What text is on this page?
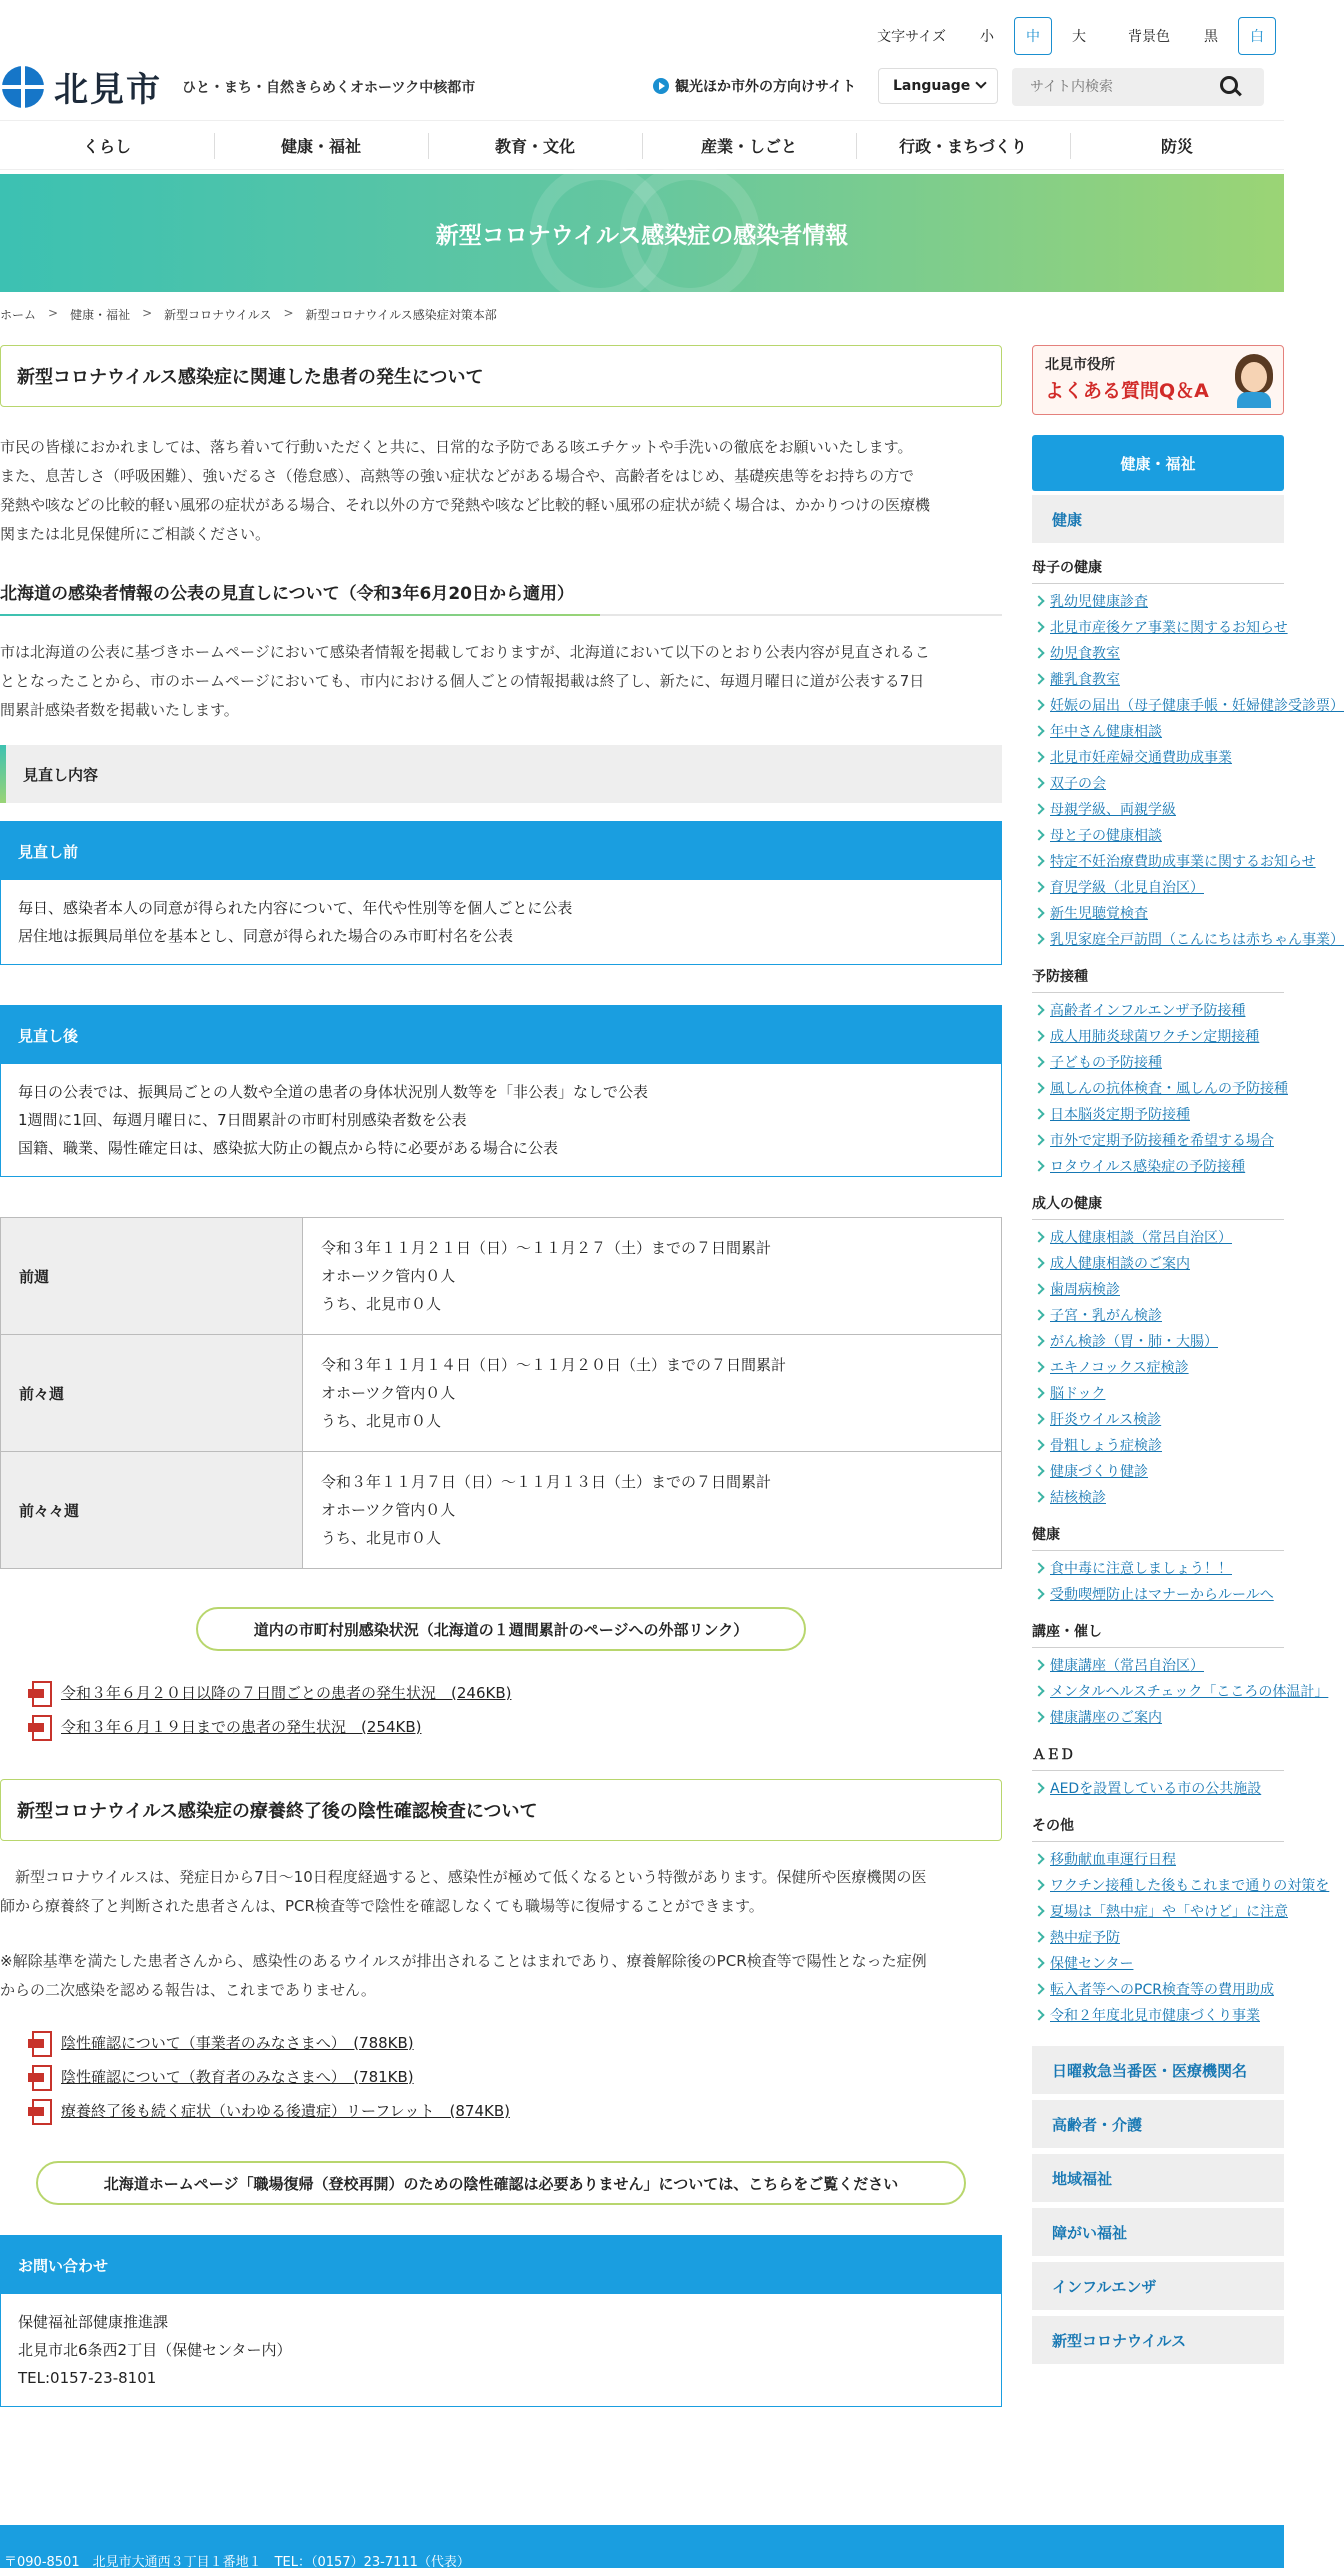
文字サイズ	小	中	大	背景色	黒	白
北見市 ひと・まち・自然きらめくオホーツク中核都市	観光ほか市外の方向けサイト	Language
サイト内検索
くらし	健康・福祉	教育・文化	産業・しごと	行政・まちづくり	防災
新型コロナウイルス感染症の感染者情報
ホーム > 健康・福祉 > 新型コロナウイルス > 新型コロナウイルス感染症対策本部
新型コロナウイルス感染症に関連した患者の発生について

市民の皆様におかれましては、落ち着いて行動いただくと共に、日常的な予防である咳エチケットや手洗いの徹底をお願いいたします。
また、息苦しさ（呼吸困難）、強いだるさ（倦怠感）、高熱等の強い症状などがある場合や、高齢者をはじめ、基礎疾患等をお持ちの方で
発熱や咳などの比較的軽い風邪の症状がある場合、それ以外の方で発熱や咳など比較的軽い風邪の症状が続く場合は、かかりつけの医療機
関または北見保健所にご相談ください。

北海道の感染者情報の公表の見直しについて（令和3年6月20日から適用）

市は北海道の公表に基づきホームページにおいて感染者情報を掲載しておりますが、北海道において以下のとおり公表内容が見直されるこ
ととなったことから、市のホームページにおいても、市内における個人ごとの情報掲載は終了し、新たに、毎週月曜日に道が公表する7日
間累計感染者数を掲載いたします。

見直し内容
見直し前
毎日、感染者本人の同意が得られた内容について、年代や性別等を個人ごとに公表
居住地は振興局単位を基本とし、同意が得られた場合のみ市町村名を公表
見直し後
毎日の公表では、振興局ごとの人数や全道の患者の身体状況別人数等を「非公表」なしで公表
1週間に1回、毎週月曜日に、7日間累計の市町村別感染者数を公表
国籍、職業、陽性確定日は、感染拡大防止の観点から特に必要がある場合に公表
前週	令和３年１１月２１日（日）～１１月２７（土）までの７日間累計
オホーツク管内０人
うち、北見市０人

前々週	令和３年１１月１４日（日）～１１月２０日（土）までの７日間累計
オホーツク管内０人
うち、北見市０人

前々々週	令和３年１１月７日（日）～１１月１３日（土）までの７日間累計
オホーツク管内０人
うち、北見市０人
道内の市町村別感染状況（北海道の１週間累計のページへの外部リンク）
令和３年６月２０日以降の７日間ごとの患者の発生状況　(246KB)
令和３年６月１９日までの患者の発生状況　(254KB)
新型コロナウイルス感染症の療養終了後の陰性確認検査について

　新型コロナウイルスは、発症日から7日～10日程度経過すると、感染性が極めて低くなるという特徴があります。保健所や医療機関の医
師から療養終了と判断された患者さんは、PCR検査等で陰性を確認しなくても職場等に復帰することができます。

※解除基準を満たした患者さんから、感染性のあるウイルスが排出されることはまれであり、療養解除後のPCR検査等で陽性となった症例
からの二次感染を認める報告は、これまでありません。

陰性確認について（事業者のみなさまへ）　(788KB)
陰性確認について（教育者のみなさまへ）　(781KB)
療養終了後も続く症状（いわゆる後遺症）リーフレット　(874KB)
北海道ホームページ「職場復帰（登校再開）のための陰性確認は必要ありません」については、こちらをご覧ください
お問い合わせ
保健福祉部健康推進課
北見市北6条西2丁目（保健センター内）
TEL:0157-23-8101
北見市役所
よくある質問Q＆A
健康・福祉
健康
母子の健康
乳幼児健康診査
北見市産後ケア事業に関するお知らせ
幼児食教室
離乳食教室
妊娠の届出（母子健康手帳・妊婦健診受診票）
年中さん健康相談
北見市妊産婦交通費助成事業
双子の会
母親学級、両親学級
母と子の健康相談
特定不妊治療費助成事業に関するお知らせ
育児学級（北見自治区）
新生児聴覚検査
乳児家庭全戸訪問（こんにちは赤ちゃん事業）
予防接種
高齢者インフルエンザ予防接種
成人用肺炎球菌ワクチン定期接種
子どもの予防接種
風しんの抗体検査・風しんの予防接種
日本脳炎定期予防接種
市外で定期予防接種を希望する場合
ロタウイルス感染症の予防接種
成人の健康
成人健康相談（常呂自治区）
成人健康相談のご案内
歯周病検診
子宮・乳がん検診
がん検診（胃・肺・大腸）
エキノコックス症検診
脳ドック
肝炎ウイルス検診
骨粗しょう症検診
健康づくり健診
結核検診
健康
食中毒に注意しましょう！！
受動喫煙防止はマナーからルールへ
講座・催し
健康講座（常呂自治区）
メンタルヘルスチェック「こころの体温計」
健康講座のご案内
ＡＥＤ
AEDを設置している市の公共施設
その他
移動献血車運行日程
ワクチン接種した後もこれまで通りの対策を
夏場は「熱中症」や「やけど」に注意
熱中症予防
保健センター
転入者等へのPCR検査等の費用助成
令和２年度北見市健康づくり事業
日曜救急当番医・医療機関名
高齢者・介護
地域福祉
障がい福祉
インフルエンザ
新型コロナウイルス
〒090-8501　北見市大通西３丁目１番地１　TEL：（0157）23-7111（代表）
